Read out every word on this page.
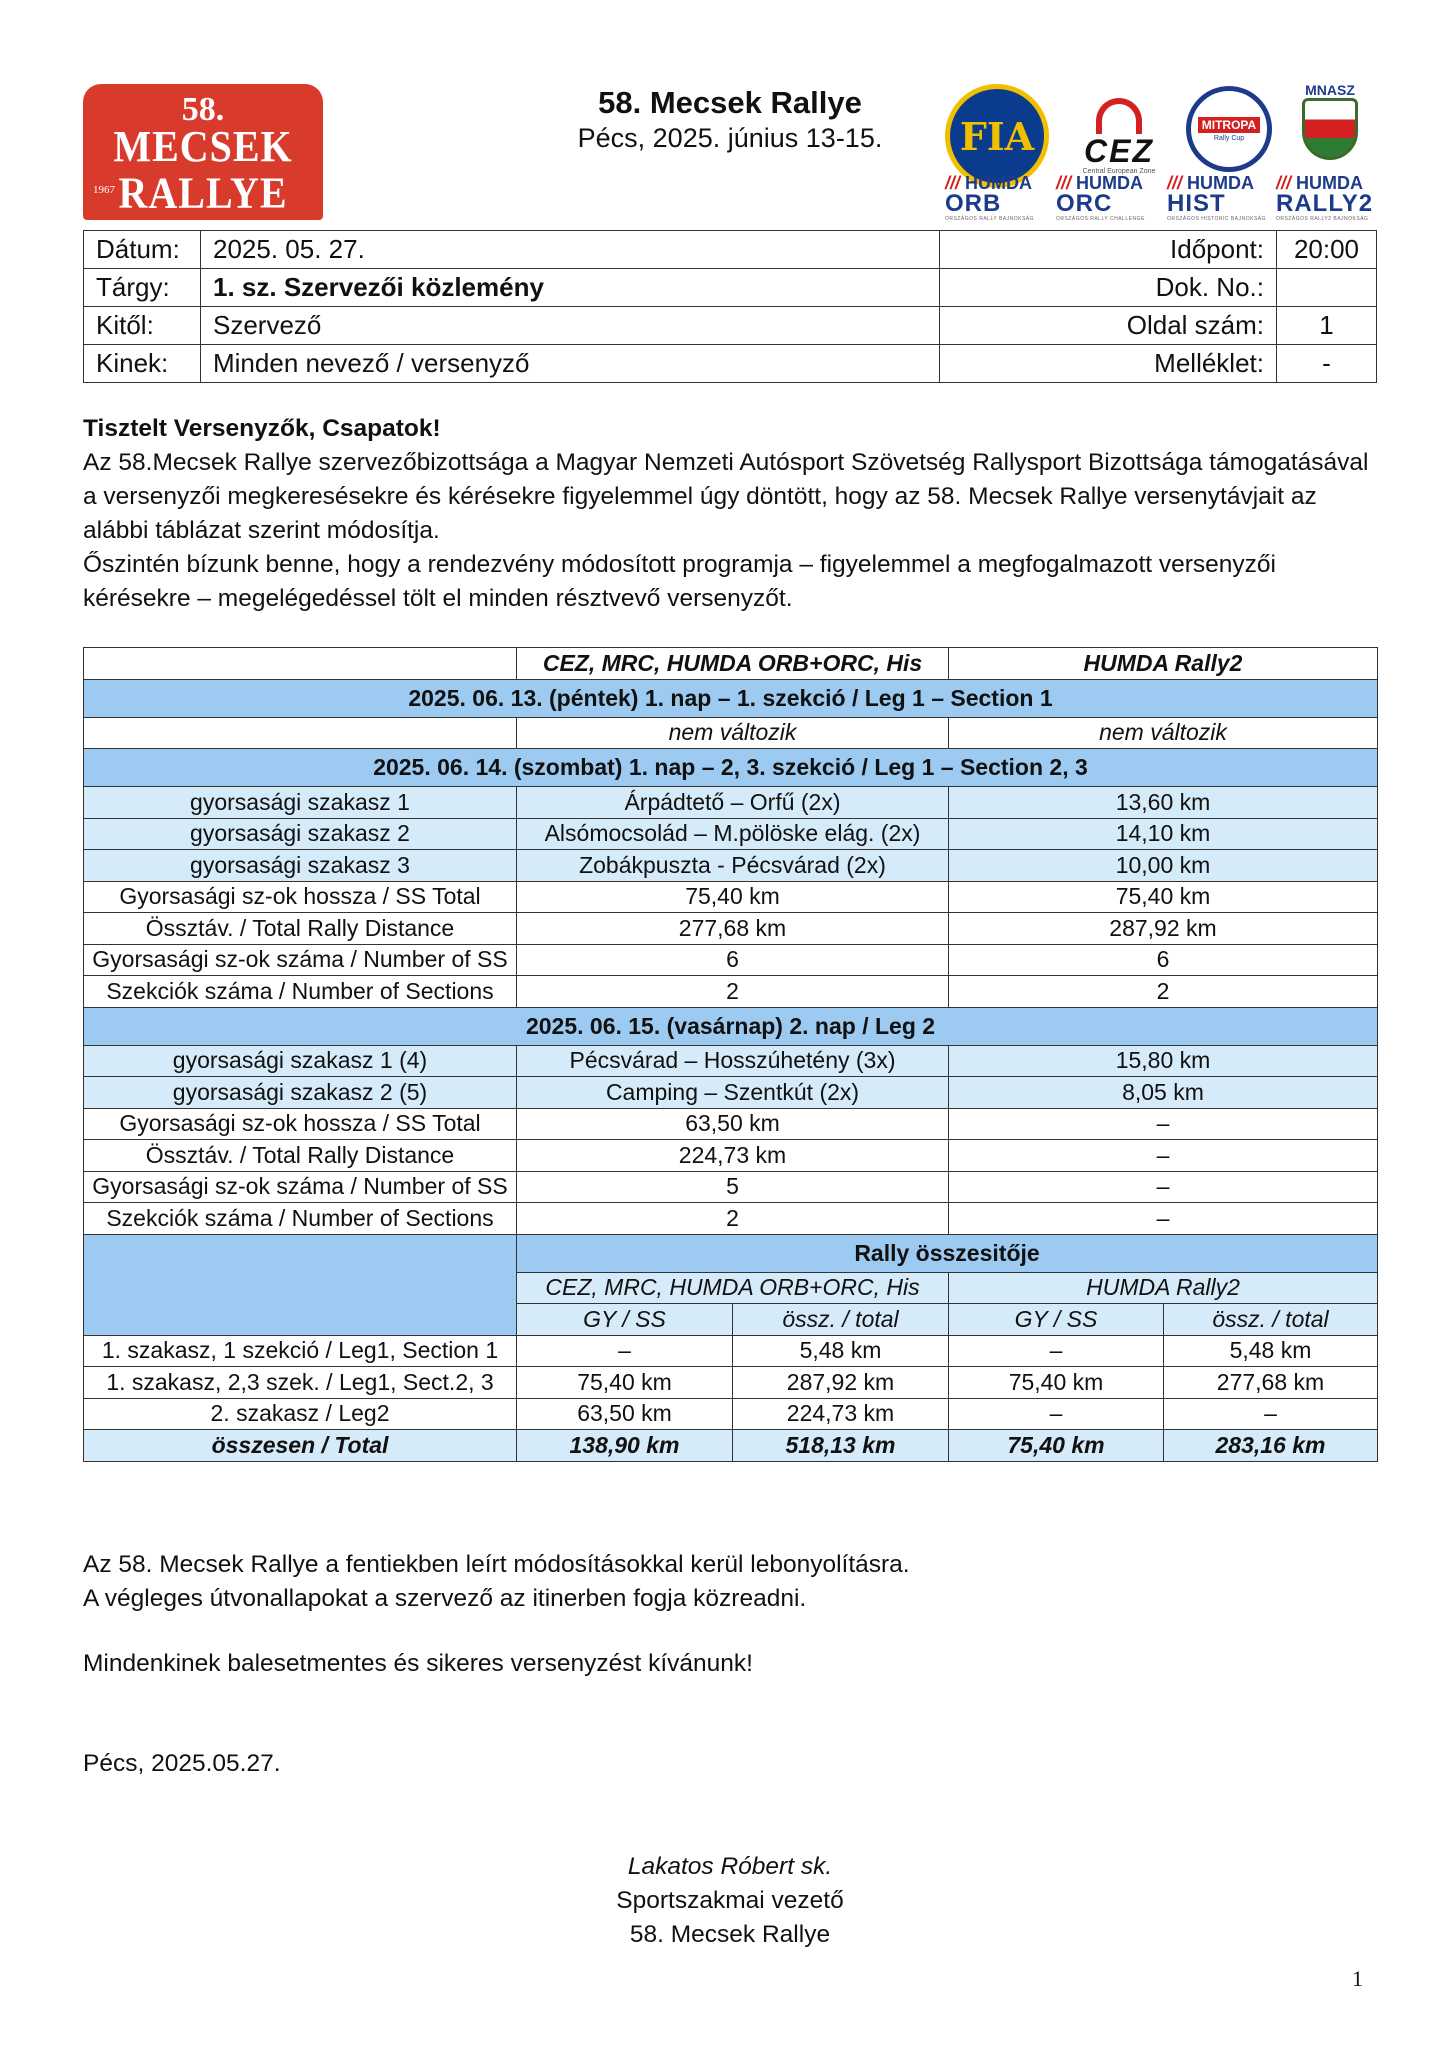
58.
MECSEK RALLYE
13-15 June 2025
1967
58. Mecsek Rallye
Pécs, 2025. június 13-15.	FIA	CEZ
Central European Zone
MITROPA
Rally Cup
MNASZ
/// HUMDA
ORB
ORSZÁGOS RALLY BAJNOKSÁG
/// HUMDA
ORC
ORSZÁGOS RALLY CHALLENGE
/// HUMDA
HIST
ORSZÁGOS HISTORIC BAJNOKSÁG
/// HUMDA
RALLY2
ORSZÁGOS RALLY2 BAJNOKSÁG
Dátum:	2025. 05. 27.	Időpont:	20:00
Tárgy:	1. sz. Szervezői közlemény	Dok. No.:	
Kitől:	Szervező	Oldal szám:	1
Kinek:	Minden nevező / versenyző	Melléklet:	-

Tisztelt Versenyzők, Csapatok!

Az 58.Mecsek Rallye szervezőbizottsága a Magyar Nemzeti Autósport Szövetség Rallysport Bizottsága támogatásával a versenyzői megkeresésekre és kérésekre figyelemmel úgy döntött, hogy az 58. Mecsek Rallye versenytávjait az alábbi táblázat szerint módosítja.

Őszintén bízunk benne, hogy a rendezvény módosított programja – figyelemmel a megfogalmazott versenyzői kérésekre – megelégedéssel tölt el minden résztvevő versenyzőt.

	CEZ, MRC, HUMDA ORB+ORC, His		HUMDA Rally2	
2025. 06. 13. (péntek) 1. nap – 1. szekció / Leg 1 – Section 1				
	nem változik		nem változik	
2025. 06. 14. (szombat) 1. nap – 2, 3. szekció / Leg 1 – Section 2, 3				
gyorsasági szakasz 1	Árpádtető – Orfű (2x)		13,60 km	
gyorsasági szakasz 2	Alsómocsolád – M.pölöske elág. (2x)		14,10 km	
gyorsasági szakasz 3	Zobákpuszta - Pécsvárad (2x)		10,00 km	
Gyorsasági sz-ok hossza / SS Total	75,40 km		75,40 km	
Össztáv. / Total Rally Distance	277,68 km		287,92 km	
Gyorsasági sz-ok száma / Number of SS	6		6	
Szekciók száma / Number of Sections	2		2	
2025. 06. 15. (vasárnap) 2. nap / Leg 2				
gyorsasági szakasz 1 (4)	Pécsvárad – Hosszúhetény (3x)		15,80 km	
gyorsasági szakasz 2 (5)	Camping – Szentkút (2x)		8,05 km	
Gyorsasági sz-ok hossza / SS Total	63,50 km		–	
Össztáv. / Total Rally Distance	224,73 km		–	
Gyorsasági sz-ok száma / Number of SS	5		–	
Szekciók száma / Number of Sections	2		–	
	Rally összesitője			
	CEZ, MRC, HUMDA ORB+ORC, His		HUMDA Rally2	
	GY / SS	össz. / total	GY / SS	össz. / total
1. szakasz, 1 szekció / Leg1, Section 1	–	5,48 km	–	5,48 km
1. szakasz, 2,3 szek. / Leg1, Sect.2, 3	75,40 km	287,92 km	75,40 km	277,68 km
2. szakasz / Leg2	63,50 km	224,73 km	–	–
összesen / Total	138,90 km	518,13 km	75,40 km	283,16 km

Az 58. Mecsek Rallye a fentiekben leírt módosításokkal kerül lebonyolításra.

A végleges útvonallapokat a szervező az itinerben fogja közreadni.

Mindenkinek balesetmentes és sikeres versenyzést kívánunk!
Pécs, 2025.05.27.
Lakatos Róbert sk.
Sportszakmai vezető
58. Mecsek Rallye
1
